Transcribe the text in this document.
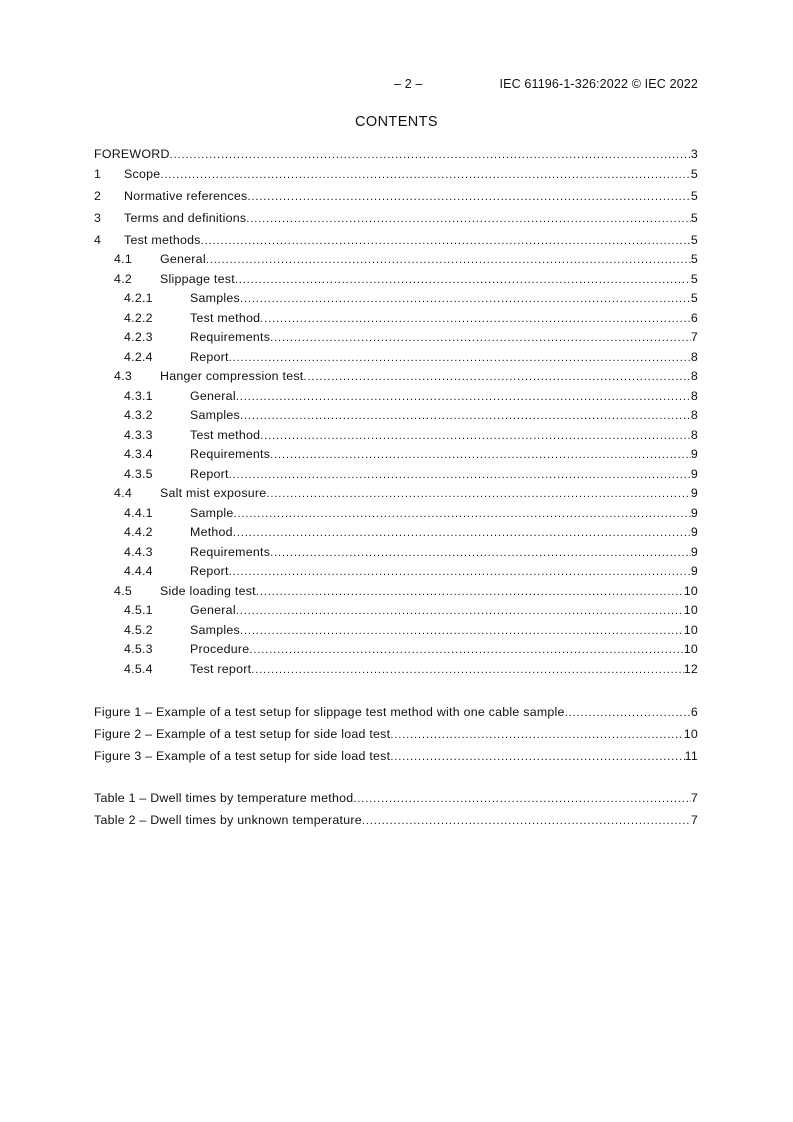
– 2 –	IEC 61196-1-326:2022 © IEC 2022
CONTENTS
FOREWORD .....	3
1	Scope .....	5
2	Normative references .....	5
3	Terms and definitions .....	5
4	Test methods .....	5
4.1	General .....	5
4.2	Slippage test .....	5
4.2.1	Samples .....	5
4.2.2	Test method .....	6
4.2.3	Requirements .....	7
4.2.4	Report .....	8
4.3	Hanger compression test .....	8
4.3.1	General .....	8
4.3.2	Samples .....	8
4.3.3	Test method .....	8
4.3.4	Requirements .....	9
4.3.5	Report .....	9
4.4	Salt mist exposure .....	9
4.4.1	Sample .....	9
4.4.2	Method .....	9
4.4.3	Requirements .....	9
4.4.4	Report .....	9
4.5	Side loading test .....	10
4.5.1	General .....	10
4.5.2	Samples .....	10
4.5.3	Procedure .....	10
4.5.4	Test report .....	12
Figure 1 – Example of a test setup for slippage test method with one cable sample .....	6
Figure 2 – Example of a test setup for side load test .....	10
Figure 3 – Example of a test setup for side load test .....	11
Table 1 – Dwell times by temperature method .....	7
Table 2 – Dwell times by unknown temperature .....	7
